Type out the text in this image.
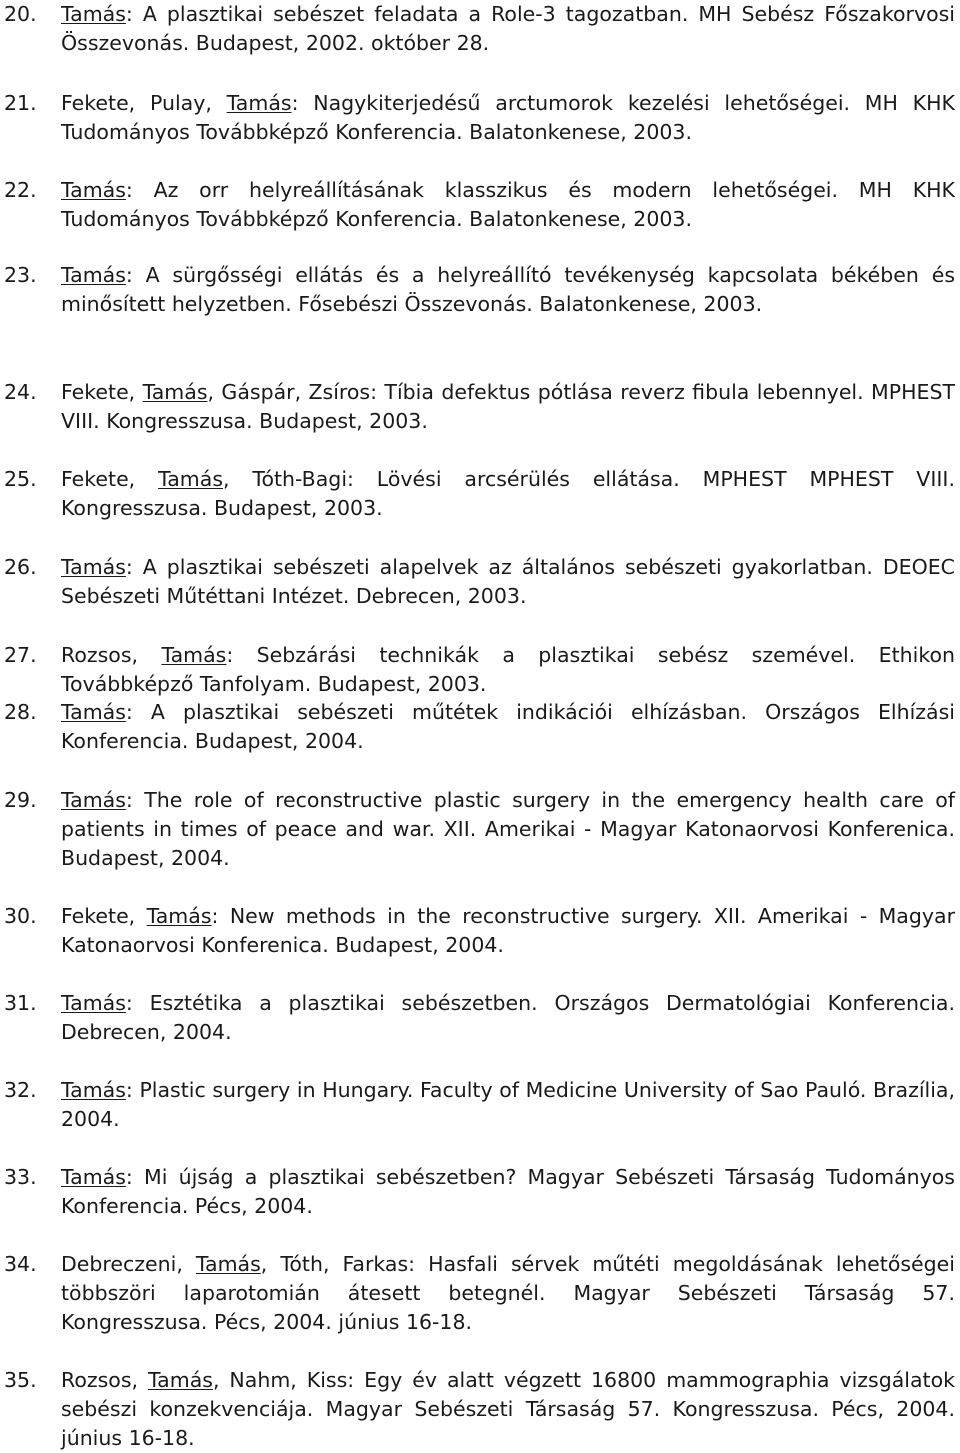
20. Tamás: A plasztikai sebészet feladata a Role-3 tagozatban. MH Sebész Főszakorvosi Összevonás. Budapest, 2002. október 28.
21. Fekete, Pulay, Tamás: Nagykiterjedésű arctumorok kezelési lehetőségei. MH KHK Tudományos Továbbképző Konferencia. Balatonkenese, 2003.
22. Tamás: Az orr helyreállításának klasszikus és modern lehetőségei. MH KHK Tudományos Továbbképző Konferencia. Balatonkenese, 2003.
23. Tamás: A sürgősségi ellátás és a helyreállító tevékenység kapcsolata békében és minősített helyzetben. Fősebészi Összevonás. Balatonkenese, 2003.
24. Fekete, Tamás, Gáspár, Zsíros: Tíbia defektus pótlása reverz fibula lebennyel. MPHEST VIII. Kongresszusa. Budapest, 2003.
25. Fekete, Tamás, Tóth-Bagi: Lövési arcsérülés ellátása. MPHEST MPHEST VIII. Kongresszusa. Budapest, 2003.
26. Tamás: A plasztikai sebészeti alapelvek az általános sebészeti gyakorlatban. DEOEC Sebészeti Műtéttani Intézet. Debrecen, 2003.
27. Rozsos, Tamás: Sebzárási technikák a plasztikai sebész szemével. Ethikon Továbbképző Tanfolyam. Budapest, 2003.
28. Tamás: A plasztikai sebészeti műtétek indikációi elhízásban. Országos Elhízási Konferencia. Budapest, 2004.
29. Tamás: The role of reconstructive plastic surgery in the emergency health care of patients in times of peace and war. XII. Amerikai - Magyar Katonaorvosi Konferenica. Budapest, 2004.
30. Fekete, Tamás: New methods in the reconstructive surgery. XII. Amerikai - Magyar Katonaorvosi Konferenica. Budapest, 2004.
31. Tamás: Esztétika a plasztikai sebészetben. Országos Dermatológiai Konferencia. Debrecen, 2004.
32. Tamás: Plastic surgery in Hungary. Faculty of Medicine University of Sao Pauló. Brazília, 2004.
33. Tamás: Mi újság a plasztikai sebészetben? Magyar Sebészeti Társaság Tudományos Konferencia. Pécs, 2004.
34. Debreczeni, Tamás, Tóth, Farkas: Hasfali sérvek műtéti megoldásának lehetőségei többszöri laparotomián átesett betegnél. Magyar Sebészeti Társaság 57. Kongresszusa. Pécs, 2004. június 16-18.
35. Rozsos, Tamás, Nahm, Kiss: Egy év alatt végzett 16800 mammographia vizsgálatok sebészi konzekvenciája. Magyar Sebészeti Társaság 57. Kongresszusa. Pécs, 2004. június 16-18.
